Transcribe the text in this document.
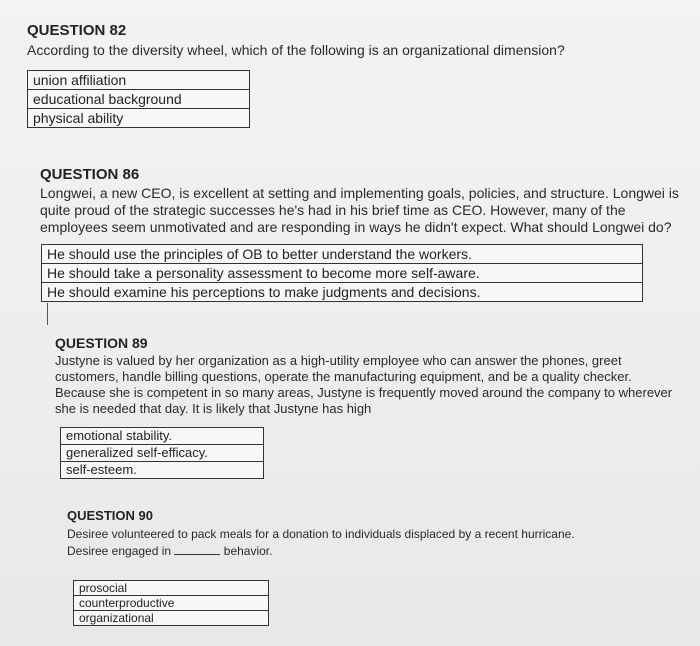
QUESTION 82

According to the diversity wheel, which of the following is an organizational dimension?

union affiliation
educational background
physical ability

QUESTION 86

Longwei, a new CEO, is excellent at setting and implementing goals, policies, and structure. Longwei is quite proud of the strategic successes he's had in his brief time as CEO. However, many of the employees seem unmotivated and are responding in ways he didn't expect. What should Longwei do?

He should use the principles of OB to better understand the workers.
He should take a personality assessment to become more self-aware.
He should examine his perceptions to make judgments and decisions.

QUESTION 89

Justyne is valued by her organization as a high-utility employee who can answer the phones, greet customers, handle billing questions, operate the manufacturing equipment, and be a quality checker. Because she is competent in so many areas, Justyne is frequently moved around the company to wherever she is needed that day. It is likely that Justyne has high

emotional stability.
generalized self-efficacy.
self-esteem.

QUESTION 90

Desiree volunteered to pack meals for a donation to individuals displaced by a recent hurricane.

Desiree engaged in	behavior.

prosocial
counterproductive
organizational
